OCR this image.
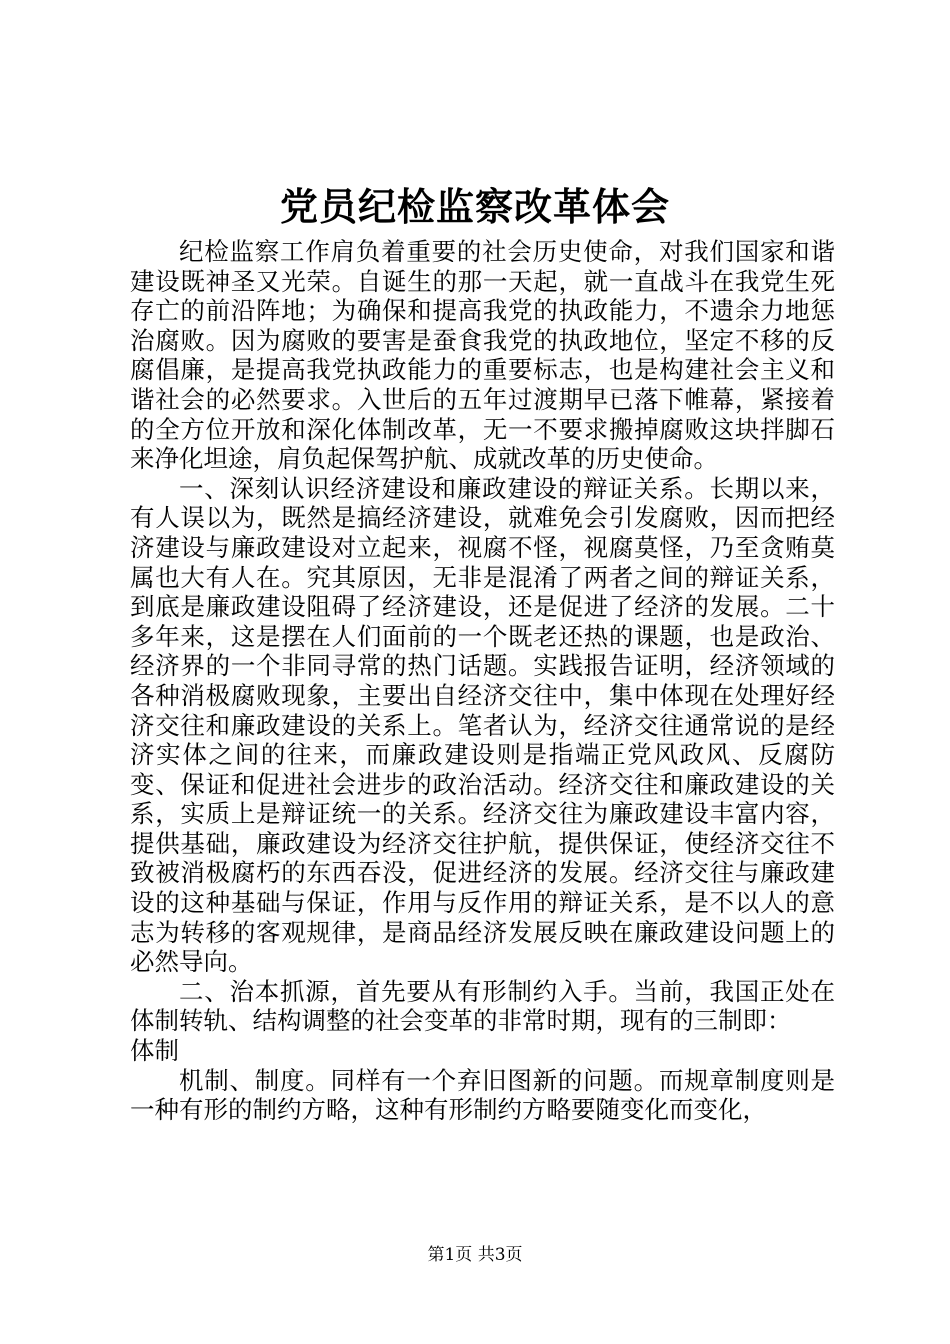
党员纪检监察改革体会

纪检监察工作肩负着重要的社会历史使命，对我们国家和谐建设既神圣又光荣。自诞生的那一天起，就一直战斗在我党生死存亡的前沿阵地；为确保和提高我党的执政能力，不遗余力地惩治腐败。因为腐败的要害是蚕食我党的执政地位，坚定不移的反腐倡廉，是提高我党执政能力的重要标志，也是构建社会主义和谐社会的必然要求。入世后的五年过渡期早已落下帷幕，紧接着的全方位开放和深化体制改革，无一不要求搬掉腐败这块拌脚石来净化坦途，肩负起保驾护航、成就改革的历史使命。

一、深刻认识经济建设和廉政建设的辩证关系。长期以来，有人误以为，既然是搞经济建设，就难免会引发腐败，因而把经济建设与廉政建设对立起来，视腐不怪，视腐莫怪，乃至贪贿莫属也大有人在。究其原因，无非是混淆了两者之间的辩证关系，到底是廉政建设阻碍了经济建设，还是促进了经济的发展。二十多年来，这是摆在人们面前的一个既老还热的课题，也是政治、经济界的一个非同寻常的热门话题。实践报告证明，经济领域的各种消极腐败现象，主要出自经济交往中，集中体现在处理好经济交往和廉政建设的关系上。笔者认为，经济交往通常说的是经济实体之间的往来，而廉政建设则是指端正党风政风、反腐防变、保证和促进社会进步的政治活动。经济交往和廉政建设的关系，实质上是辩证统一的关系。经济交往为廉政建设丰富内容，提供基础，廉政建设为经济交往护航，提供保证，使经济交往不致被消极腐朽的东西吞没，促进经济的发展。经济交往与廉政建设的这种基础与保证，作用与反作用的辩证关系，是不以人的意志为转移的客观规律，是商品经济发展反映在廉政建设问题上的必然导向。

二、治本抓源，首先要从有形制约入手。当前，我国正处在体制转轨、结构调整的社会变革的非常时期，现有的三制即：

体制

机制、制度。同样有一个弃旧图新的问题。而规章制度则是一种有形的制约方略，这种有形制约方略要随变化而变化，

第1页 共3页
